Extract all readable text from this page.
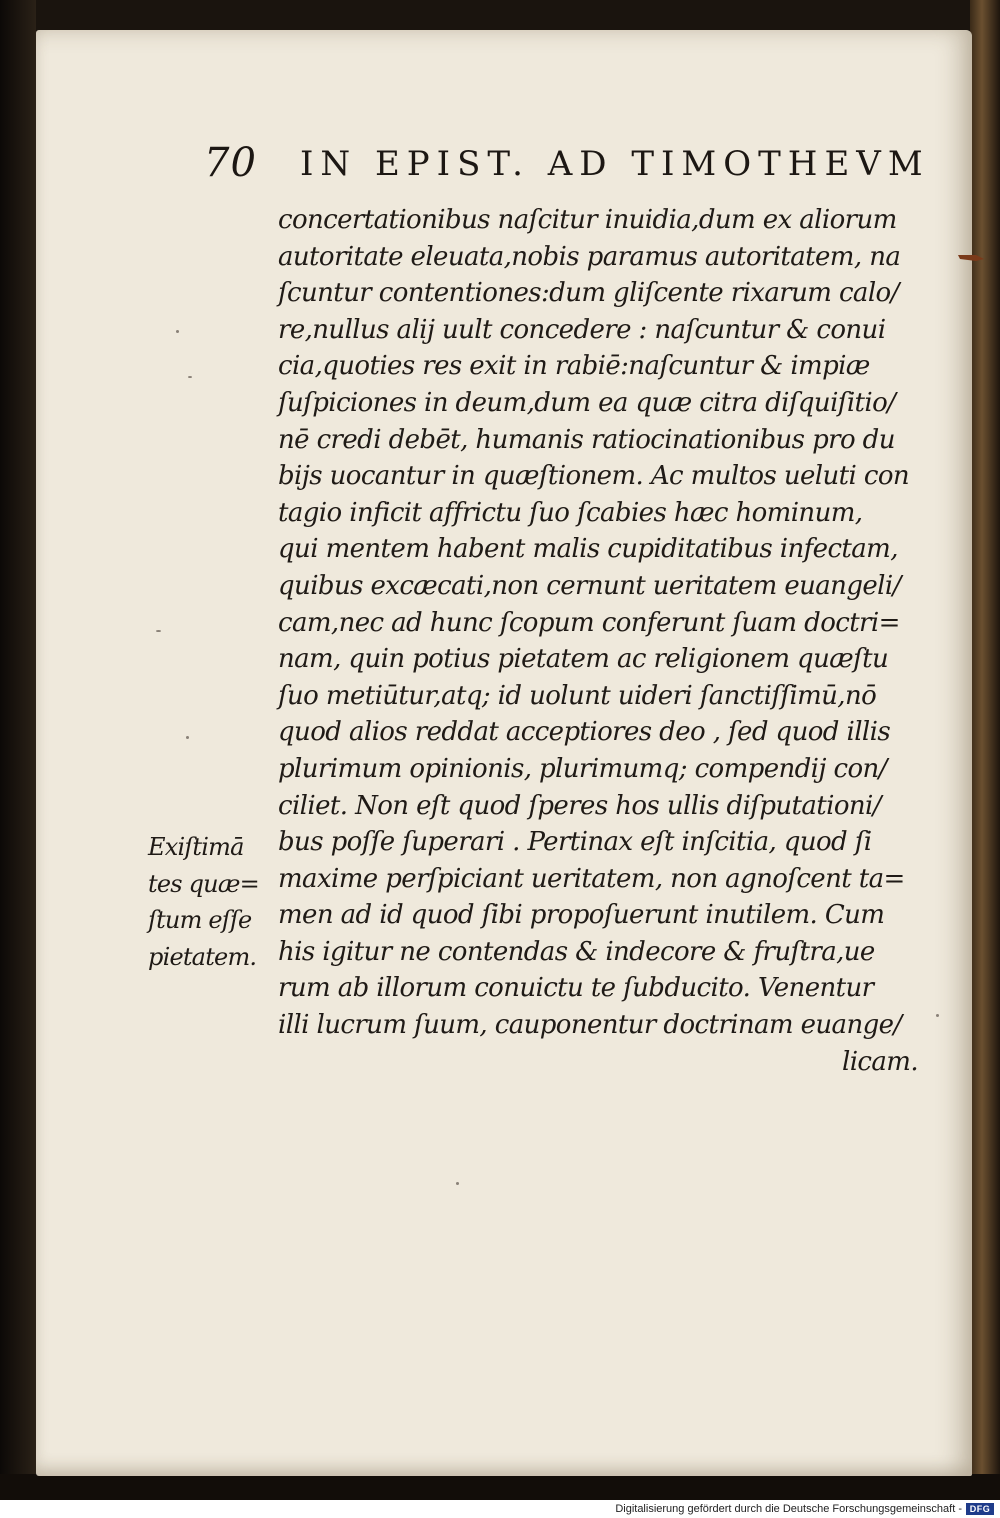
70 IN EPIST. AD TIMOTHEVM
concertationibus naſcitur inuidia,dum ex aliorum
autoritate eleuata,nobis paramus autoritatem, na
ſcuntur contentiones:dum gliſcente rixarum calo/
re,nullus alij uult concedere : naſcuntur & conui
cia,quoties res exit in rabiē:naſcuntur & impiæ
ſuſpiciones in deum,dum ea quæ citra diſquiſitio/
nē credi debēt, humanis ratiocinationibus pro du
bijs uocantur in quæſtionem. Ac multos ueluti con
tagio inficit affrictu ſuo ſcabies hæc hominum,
qui mentem habent malis cupiditatibus infectam,
quibus excæcati,non cernunt ueritatem euangeli/
cam,nec ad hunc ſcopum conferunt ſuam doctri=
nam, quin potius pietatem ac religionem quæſtu
ſuo metiūtur,atq; id uolunt uideri ſanctiſſimū,nō
quod alios reddat acceptiores deo , ſed quod illis
plurimum opinionis, plurimumq; compendij con/
ciliet. Non eſt quod ſperes hos ullis diſputationi/
bus poſſe ſuperari . Pertinax eſt inſcitia, quod ſi
maxime perſpiciant ueritatem, non agnoſcent ta=
men ad id quod ſibi propoſuerunt inutilem. Cum
his igitur ne contendas & indecore & fruſtra,ue
rum ab illorum conuictu te ſubducito. Venentur
illi lucrum ſuum, cauponentur doctrinam euange/
licam.
Exiſtimā
tes quæ=
ſtum eſſe
pietatem.
Digitalisierung gefördert durch die Deutsche Forschungsgemeinschaft - DFG
